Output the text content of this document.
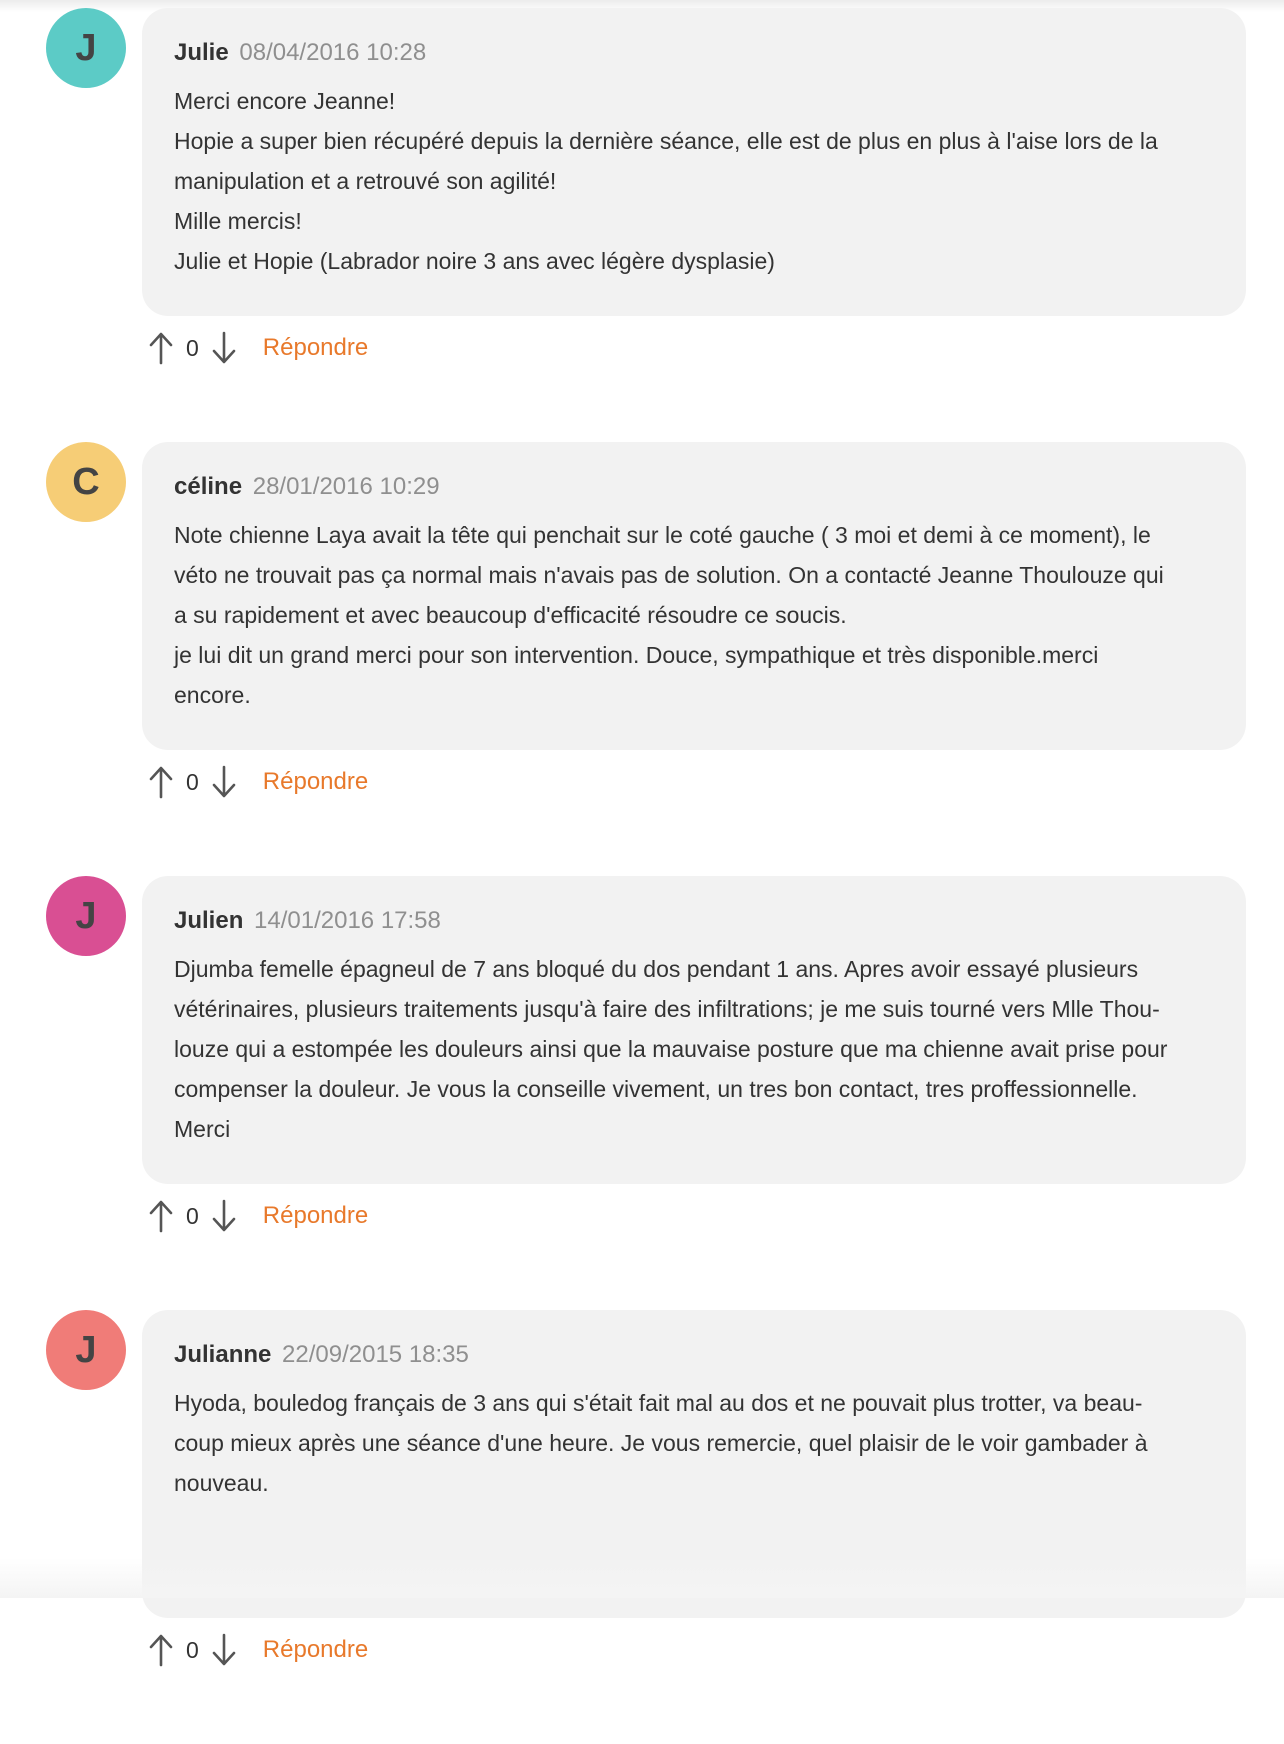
J	Julie 08/04/2016 10:28

Merci encore Jeanne!

Hopie a super bien récupéré depuis la dernière séance, elle est de plus en plus à l'aise lors de la

manipulation et a retrouvé son agilité!

Mille mercis!

Julie et Hopie (Labrador noire 3 ans avec légère dysplasie)

0	Répondre
C	céline 28/01/2016 10:29

Note chienne Laya avait la tête qui penchait sur le coté gauche ( 3 moi et demi à ce moment), le

véto ne trouvait pas ça normal mais n'avais pas de solution. On a contacté Jeanne Thoulouze qui

a su rapidement et avec beaucoup d'efficacité résoudre ce soucis.

je lui dit un grand merci pour son intervention. Douce, sympathique et très disponible.merci

encore.

0	Répondre
J	Julien 14/01/2016 17:58

Djumba femelle épagneul de 7 ans bloqué du dos pendant 1 ans. Apres avoir essayé plusieurs

vétérinaires, plusieurs traitements jusqu'à faire des infiltrations; je me suis tourné vers Mlle Thou-

louze qui a estompée les douleurs ainsi que la mauvaise posture que ma chienne avait prise pour

compenser la douleur. Je vous la conseille vivement, un tres bon contact, tres proffessionnelle.

Merci

0	Répondre
J	Julianne 22/09/2015 18:35

Hyoda, bouledog français de 3 ans qui s'était fait mal au dos et ne pouvait plus trotter, va beau-

coup mieux après une séance d'une heure. Je vous remercie, quel plaisir de le voir gambader à

nouveau.

0	Répondre
